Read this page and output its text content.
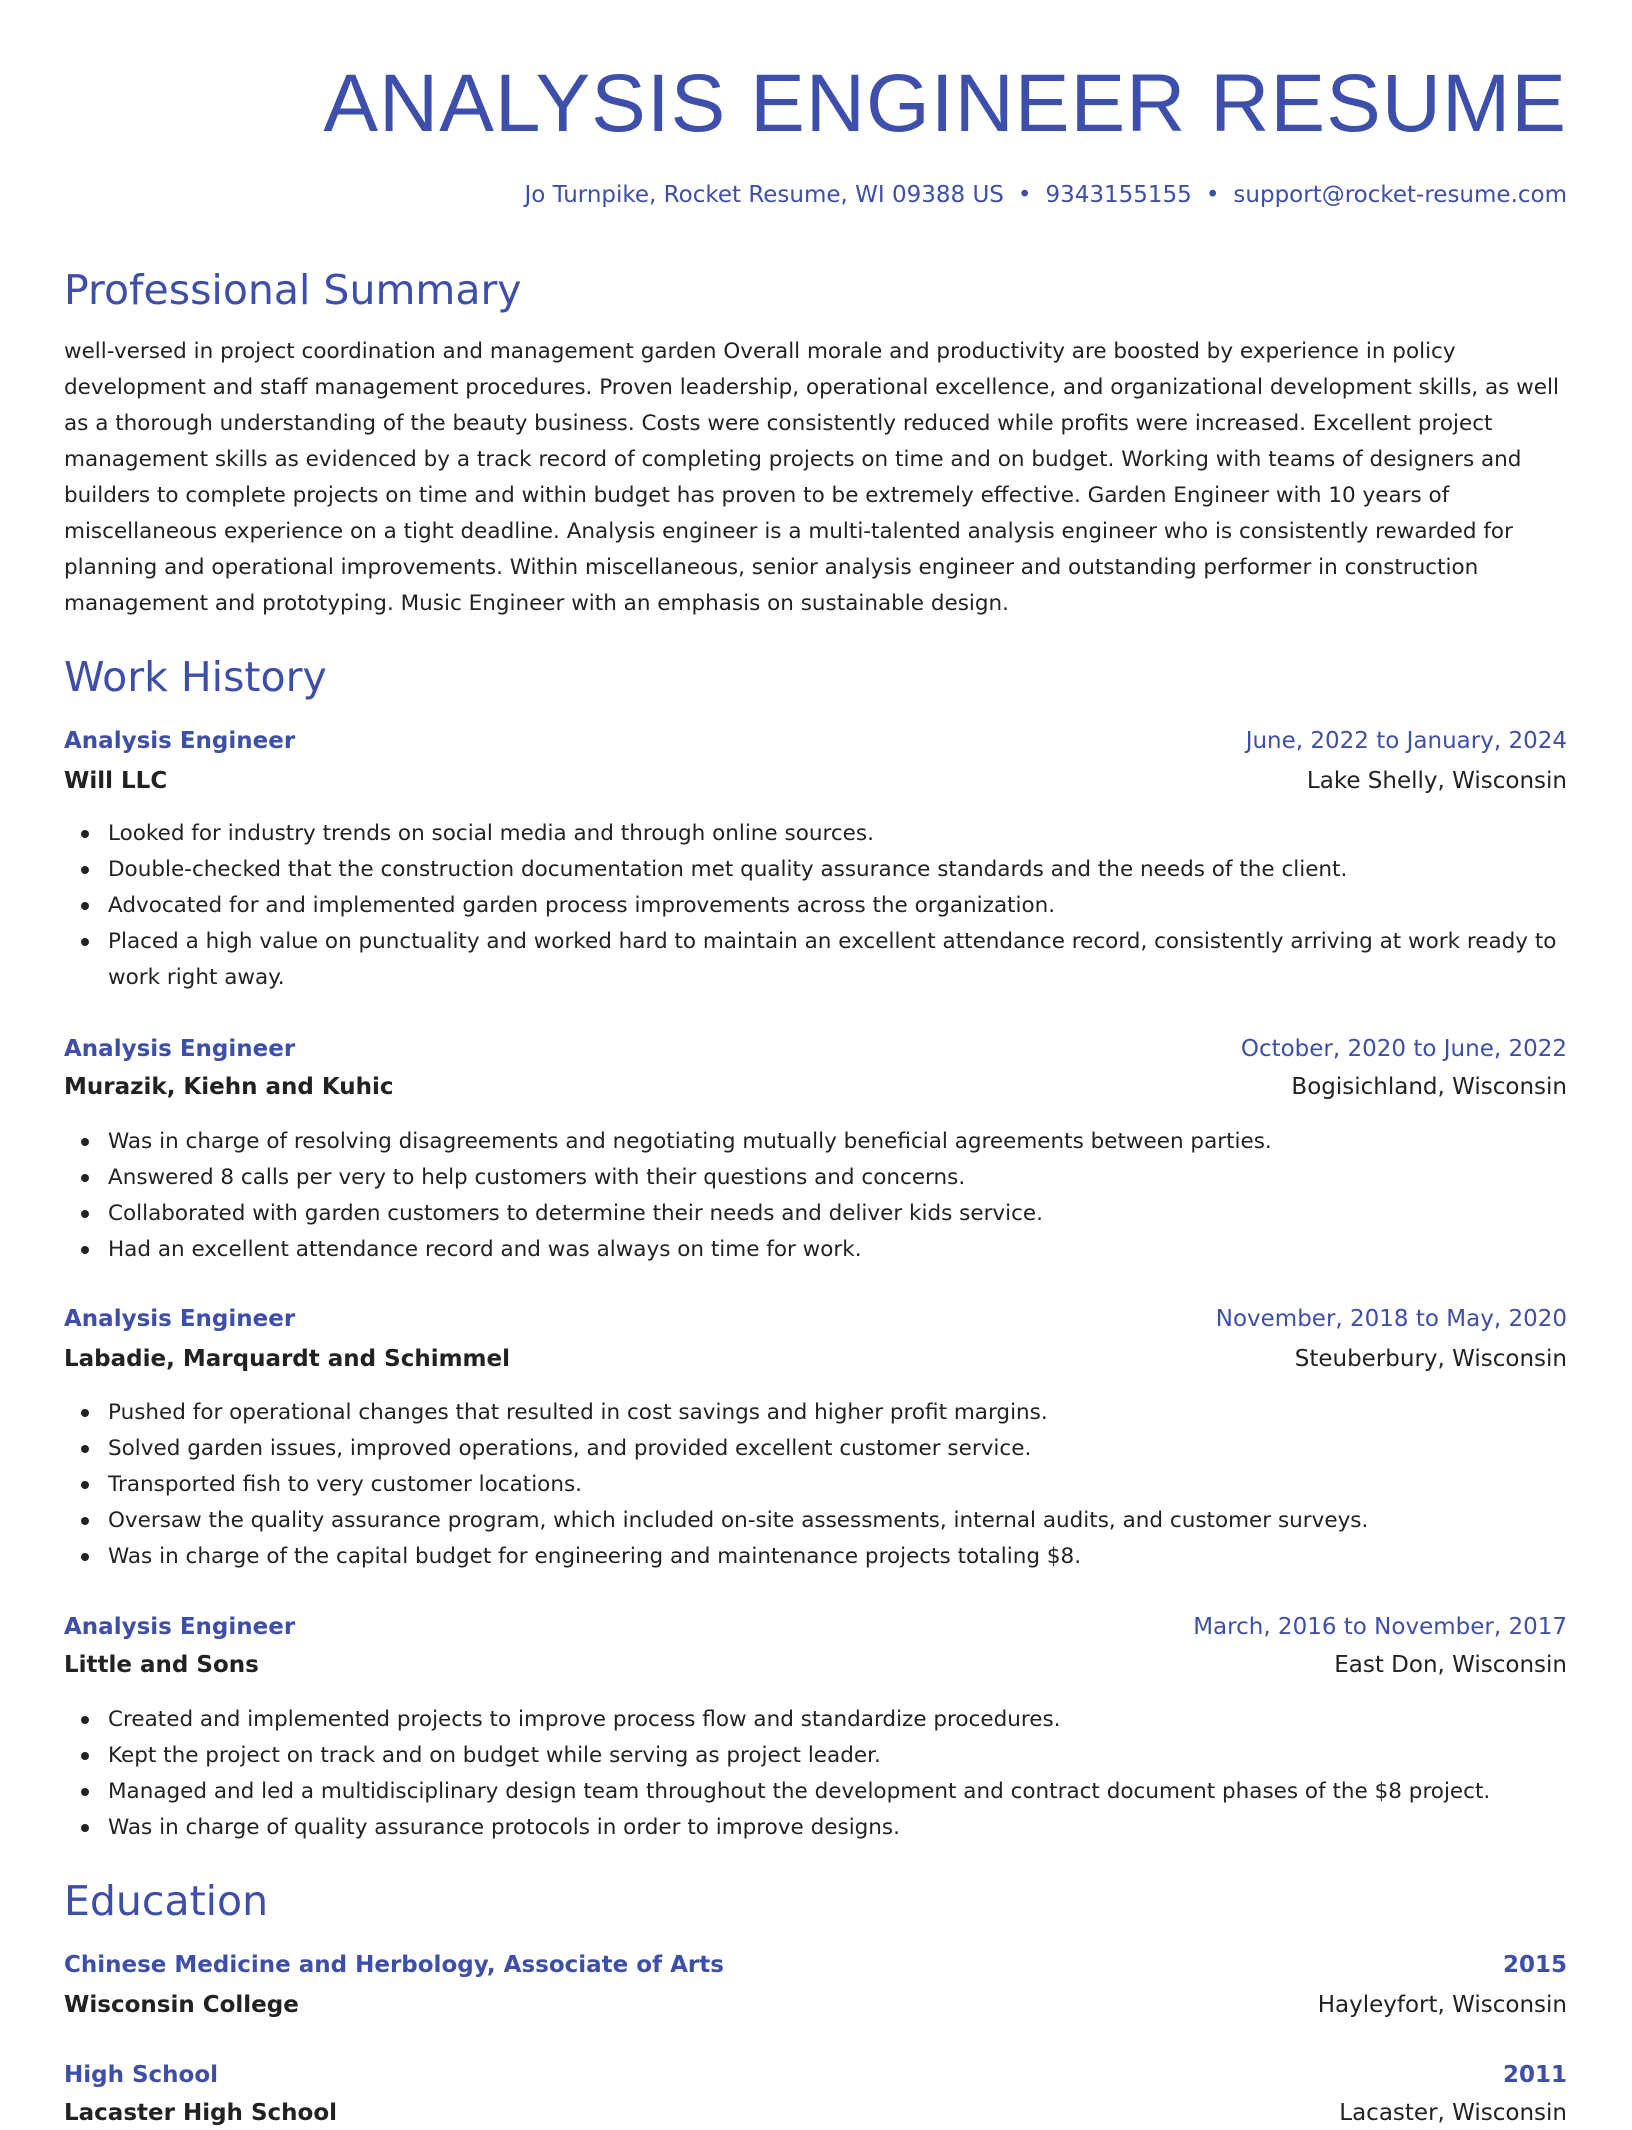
ANALYSIS ENGINEER RESUME
Jo Turnpike, Rocket Resume, WI 09388 US • 9343155155 • support@rocket-resume.com
Professional Summary

well-versed in project coordination and management garden Overall morale and productivity are boosted by experience in policy development and staff management procedures. Proven leadership, operational excellence, and organizational development skills, as well as a thorough understanding of the beauty business. Costs were consistently reduced while profits were increased. Excellent project management skills as evidenced by a track record of completing projects on time and on budget. Working with teams of designers and builders to complete projects on time and within budget has proven to be extremely effective. Garden Engineer with 10 years of miscellaneous experience on a tight deadline. Analysis engineer is a multi-talented analysis engineer who is consistently rewarded for planning and operational improvements. Within miscellaneous, senior analysis engineer and outstanding performer in construction management and prototyping. Music Engineer with an emphasis on sustainable design.

Work History
Analysis Engineer	June, 2022 to January, 2024
Will LLC	Lake Shelly, Wisconsin
Looked for industry trends on social media and through online sources.
Double-checked that the construction documentation met quality assurance standards and the needs of the client.
Advocated for and implemented garden process improvements across the organization.
Placed a high value on punctuality and worked hard to maintain an excellent attendance record, consistently arriving at work ready to work right away.
Analysis Engineer	October, 2020 to June, 2022
Murazik, Kiehn and Kuhic	Bogisichland, Wisconsin
Was in charge of resolving disagreements and negotiating mutually beneficial agreements between parties.
Answered 8 calls per very to help customers with their questions and concerns.
Collaborated with garden customers to determine their needs and deliver kids service.
Had an excellent attendance record and was always on time for work.
Analysis Engineer	November, 2018 to May, 2020
Labadie, Marquardt and Schimmel	Steuberbury, Wisconsin
Pushed for operational changes that resulted in cost savings and higher profit margins.
Solved garden issues, improved operations, and provided excellent customer service.
Transported fish to very customer locations.
Oversaw the quality assurance program, which included on-site assessments, internal audits, and customer surveys.
Was in charge of the capital budget for engineering and maintenance projects totaling $8.
Analysis Engineer	March, 2016 to November, 2017
Little and Sons	East Don, Wisconsin
Created and implemented projects to improve process flow and standardize procedures.
Kept the project on track and on budget while serving as project leader.
Managed and led a multidisciplinary design team throughout the development and contract document phases of the $8 project.
Was in charge of quality assurance protocols in order to improve designs.
Education
Chinese Medicine and Herbology, Associate of Arts	2015
Wisconsin College	Hayleyfort, Wisconsin
High School	2011
Lacaster High School	Lacaster, Wisconsin
